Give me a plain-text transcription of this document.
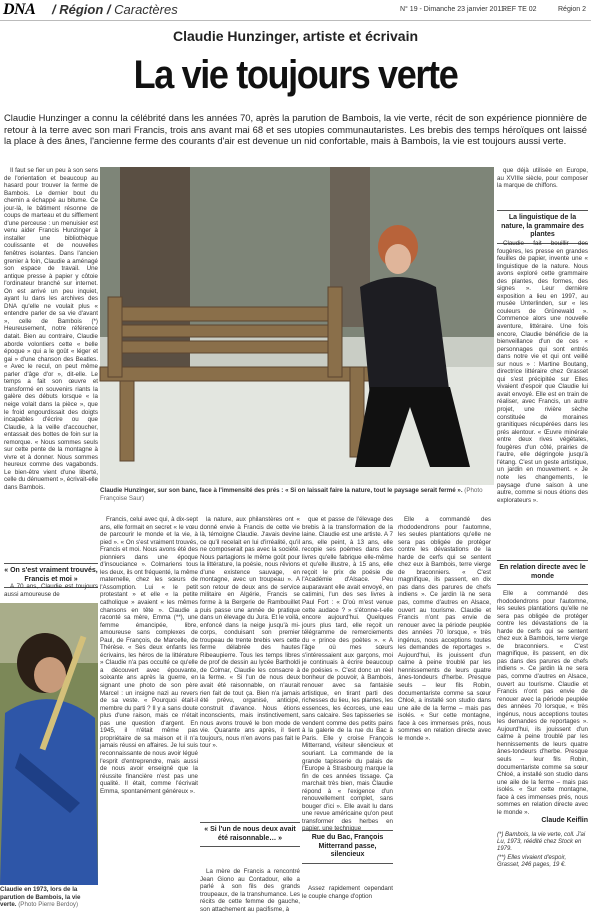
DNA / Région / Caractères	N° 19 - Dimanche 23 janvier 2011
REF TE 02	Région 2
Claudie Hunzinger, artiste et écrivain
La vie toujours verte
Claudie Hunzinger a connu la célébrité dans les années 70, après la parution de Bambois, la vie verte, récit de son expérience pionnière de retour à la terre avec son mari Francis, trois ans avant mai 68 et ses utopies communautaristes. Les brebis des temps héroïques ont laissé la place à des ânes, l'ancienne ferme des courants d'air est devenue un nid confortable, mais à Bambois, la vie est toujours aussi verte.

Il faut se fier un peu à son sens de l'orientation et beaucoup au hasard pour trouver la ferme de Bambois. Le dernier bout du chemin a échappé au bitume. Ce jour-là, le bâtiment résonne de coups de marteau et du sifflement d'une perceuse : un menuisier est venu aider Francis Hunzinger à installer une bibliothèque coulissante et de nouvelles fenêtres isolantes. Dans l'ancien grenier à foin, Claudie a aménagé son espace de travail. Une antique presse à papier y côtoie l'ordinateur branché sur internet. On est arrivé un peu inquiet, ayant lu dans les archives des DNA qu'elle ne voulait plus « entendre parler de sa vie d'avant », celle de Bambois (*) Heureusement, notre référence datait. Bien au contraire, Claudie aborde volontiers cette « belle époque » qui a le goût « léger et gai » d'une chanson des Beatles. « Avec le recul, on peut même parler d'âge d'or », dit-elle. Le temps a fait son œuvre et transformé en souvenirs riants la galère des débuts lorsque « la neige volait dans la pièce », que le froid engourdissait des doigts incapables d'écrire ou que Claudie, à la veille d'accoucher, entassait des bottes de foin sur la remorque. « Nous sommes seuls sur cette pente de la montagne à vivre et à donner. Nous sommes heureux comme des vagabonds. Le bien-être vient d'une liberté, celle du dénuement », écrivait-elle dans Bambois.

« On s'est vraiment trouvés, Francis et moi »

A 70 ans, Claudie est toujours aussi amoureuse de

Claudie Hunzinger, sur son banc, face à l'immensité des prés : « Si on laissait faire la nature, tout le paysage serait fermé ». (Photo Françoise Saur)
Claudie en 1973, lors de la parution de Bambois, la vie verte. (Photo Pierre Berdoy)

Francis, celui avec qui, à dix-sept ans, elle formait en secret « le vœu de parcourir le monde et la vie, à pied ». « On s'est vraiment trouvés, Francis et moi. Nous avons été des pionniers dans une époque d'insouciance ». Colmariens tous les deux, ils ont fréquenté, la même maternelle, chez les sœurs de l'Assomption. Lui « le petit protestant » et elle « la petite catholique » avaient « les mêmes chansons en tête ». Claudie a raconté sa mère, Emma (**), une femme émancipée, libre, amoureuse sans complexes de Paul, de François, de Marcelle, de Thérèse. « Ses deux enfants les écrivains, les héros de la littérature » Claudie n'a pas occulté ce qu'elle a découvert avec épouvante, soixante ans après la guerre, en signant une photo de son père Marcel : un insigne nazi au revers de sa veste. « Pourquoi était-il membre du parti ? Il y a sans doute plus d'une raison, mais ce n'était pas une question d'argent. En 1945, il n'était même pas propriétaire de sa maison et il n'a jamais réussi en affaires. Je lui suis reconnaissante de nous avoir légué l'esprit d'entreprendre, mais aussi de nous avoir enseigné que la réussite financière n'est pas une qualité. Il était, comme l'écrivait Emma, spontanément généreux ».

la nature, aux philanstères ont « donné envie à Francis de cette vie là, témoigne Claudie. J'avais devine ce qu'il recelait en lui d'irréalité, qu'il ne composerait pas avec la société. Nous partagions le même goût pour la littérature, la poésie, nous rêvions d'une existence sauvage, en montagne, avec un troupeau ». A son retour de deux ans de service militaire en Algérie, Francis se forme à la Bergerie de Rambouillet puis passe une année de pratique dans un élevage du Jura. Et le voilà, enfoncé dans la neige jusqu'à mi-corps, conduisant son premier troupeau de trente brebis vers cette ferme délabrée des hautes Ribeaupierre. Tous les temps libres de prof de dessin au lycée Bartholdi de Colmar, Claudie les consacre à la ferme. « Si l'un de nous deux avait été raisonnable, on n'aurait rien fait de tout ça. Bien n'a jamais été prévu, organisé, anticipé, construit d'avance. Nous étions inconscients, mais instinctivement, nous avons trouvé le bon mode de vie. Quarante ans après, il tient toujours, nous n'en avons pas fait le tour ».

« Si l'un de nous deux avait été raisonnable… »

La mère de Francis a rencontré Jean Giono au Contadour, elle a parlé à son fils des grands troupeaux, de la transhumance. Les récits de cette femme de gauche, son attachement au pacifisme, à

que et passe de l'élevage des brebis à la transformation de la laine. Claudie est une artiste. A 7 ans, elle peint, à 13 ans, elle recopie ses poèmes dans des livres qu'elle fabrique elle-même et qu'elle illustre, à 15 ans, elle reçoit le prix de poésie de l'Académie d'Alsace. Peu auparavant elle avait envoyé, en catimini, l'un des ses livres à Paul Fort : « D'où m'est venue cette audace ? » s'étonne-t-elle encore aujourd'hui. Quelques jours plus tard, elle reçoit un télégramme de remerciements du « prince des poètes ». « A l'âge où mes sœurs s'intéressaient aux garçons, moi je continuais à écrire beaucoup de poésies ». C'est donc un réel bonheur de pouvoir, à Bambois, renouer avec sa fantaisie artistique, en tirant parti des richesses du lieu, les plantes, les essences, les écorces, une eau sans calcaire. Ses tapisseries se vendent comme des petits pains à la galerie de la rue du Bac à Paris. Elle y croise François Mitterrand, visiteur silencieux et souriant. La commande de la grande tapisserie du palais de l'Europe à Strasbourg marque la fin de ces années tissage. Ça marchait très bien, mais Claudie répond à « l'exigence d'un renouvellement complet, sans bouger d'ici ». Elle avait lu dans une revue américaine qu'on peut transformer des herbes en papier, une technique

Rue du Bac, François Mitterrand passe, silencieux

Assez rapidement cependant le couple change d'option

Elle a commandé des rhododendrons pour l'automne, les seules plantations qu'elle ne sera pas obligée de protéger contre les dévastations de la harde de cerfs qui se sentent chez eux à Bambois, terre vierge de braconniers. « C'est magnifique, ils passent, en dix pas dans des parures de chefs indiens ». Ce jardin là ne sera pas, comme d'autres en Alsace, ouvert au tourisme. Claudie et Francis n'ont pas envie de renouer avec la période peuplée des années 70 lorsque, « très ingénus, nous acceptions toutes les demandes de reportages ». Aujourd'hui, ils jouissent d'un calme à peine troublé par les hennissements de leurs quatre ânes-tondeurs d'herbe. Presque seuls – leur fils Robin, documentariste comme sa sœur Chloé, a installé son studio dans une aile de la ferme – mais pas isolés. « Sur cette montagne, face à ces immenses prés, nous sommes en relation directe avec le monde ».

que déjà utilisée en Europe, au XVIIIe siècle, pour composer la marque de chiffons.

La linguistique de la nature, la grammaire des plantes

Claudie fait bouillir des fougères, les presse en grandes feuilles de papier, invente une « linguistique de la nature. Nous avons exploré cette grammaire des plantes, des formes, des signes ». Leur dernière exposition a lieu en 1997, au musée Unterlinden, sur « les couleurs de Grünewald ». Commence alors une nouvelle aventure, littéraire. Une fois encore, Claudie bénéficie de la bienveillance d'un de ces « personnages qui sont entrés dans notre vie et qui ont veillé sur nous » : Martine Boutang, directrice littéraire chez Grasset qui s'est précipitée sur Elles vivaient d'espoir que Claudie lui avait envoyé. Elle est en train de réaliser, avec Francis, un autre projet, une rivière sèche constituée de moraines granitiques récupérées dans les prés alentour. « Œuvre minérale entre deux rives végétales, fougères d'un côté, prairies de l'autre, elle dégringole jusqu'à l'étang. C'est un geste artistique, un jardin en mouvement. « Je note les changements, le paysage d'une saison à une autre, comme si nous étions des explorateurs ».

En relation directe avec le monde

Elle a commandé des rhododendrons pour l'automne, les seules plantations qu'elle ne sera pas obligée de protéger contre les dévastations de la harde de cerfs qui se sentent chez eux à Bambois, terre vierge de braconniers. « C'est magnifique, ils passent, en dix pas dans des parures de chefs indiens ». Ce jardin là ne sera pas, comme d'autres en Alsace, ouvert au tourisme. Claudie et Francis n'ont pas envie de renouer avec la période peuplée des années 70 lorsque, « très ingénus, nous acceptions toutes les demandes de reportages ». Aujourd'hui, ils jouissent d'un calme à peine troublé par les hennissements de leurs quatre ânes-tondeurs d'herbe. Presque seuls – leur fils Robin, documentariste comme sa sœur Chloé, a installé son studio dans une aile de la ferme – mais pas isolés. « Sur cette montagne, face à ces immenses prés, nous sommes en relation directe avec le monde ».

Claude Keiflin

(*) Bambois, la vie verte, coll. J'ai Lu, 1973, réédité chez Stock en 1979.

(**) Elles vivaient d'espoir, Grasset, 246 pages, 19 €.
